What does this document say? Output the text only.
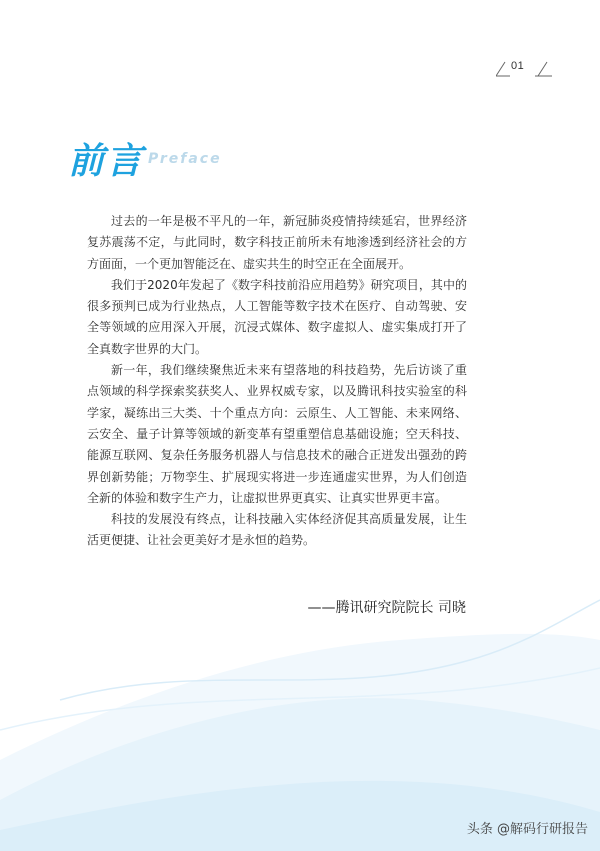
01
前言 Preface

过去的一年是极不平凡的一年，新冠肺炎疫情持续延宕，世界经济复苏震荡不定，与此同时，数字科技正前所未有地渗透到经济社会的方方面面，一个更加智能泛在、虚实共生的时空正在全面展开。

我们于2020年发起了《数字科技前沿应用趋势》研究项目，其中的很多预判已成为行业热点，人工智能等数字技术在医疗、自动驾驶、安全等领域的应用深入开展，沉浸式媒体、数字虚拟人、虚实集成打开了全真数字世界的大门。

新一年，我们继续聚焦近未来有望落地的科技趋势，先后访谈了重点领域的科学探索奖获奖人、业界权威专家，以及腾讯科技实验室的科学家，凝练出三大类、十个重点方向：云原生、人工智能、未来网络、云安全、量子计算等领域的新变革有望重塑信息基础设施；空天科技、能源互联网、复杂任务服务机器人与信息技术的融合正迸发出强劲的跨界创新势能；万物孪生、扩展现实将进一步连通虚实世界，为人们创造全新的体验和数字生产力，让虚拟世界更真实、让真实世界更丰富。

科技的发展没有终点，让科技融入实体经济促其高质量发展，让生活更便捷、让社会更美好才是永恒的趋势。

——腾讯研究院院长 司晓
头条 @解码行研报告
